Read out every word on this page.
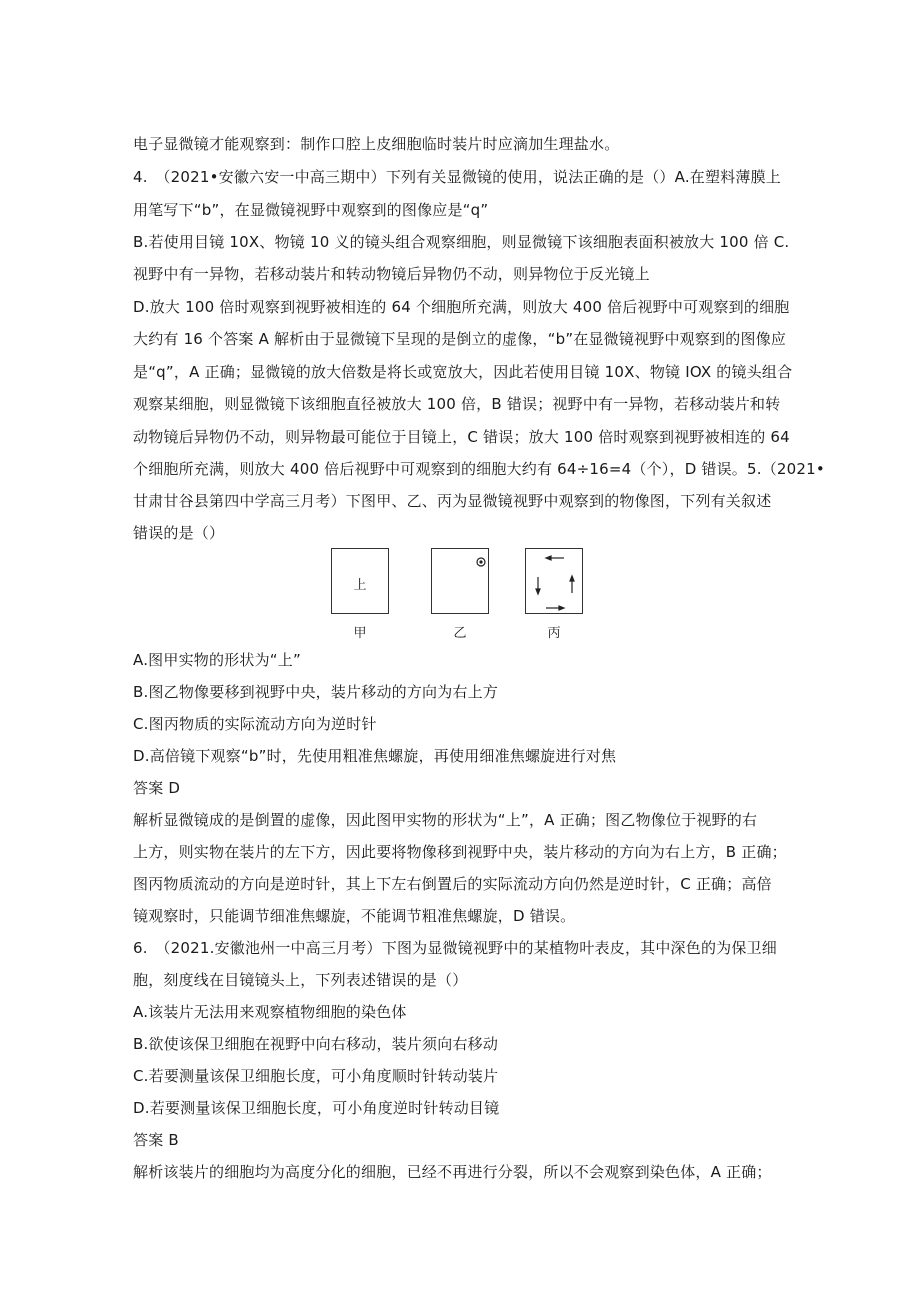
电子显微镜才能观察到：制作口腔上皮细胞临时装片时应滴加生理盐水。
4.　（2021•安徽六安一中高三期中）下列有关显微镜的使用，说法正确的是（）A.在塑料薄膜上
用笔写下“b”，在显微镜视野中观察到的图像应是“q”
B.若使用目镜 10X、物镜 10 义的镜头组合观察细胞，则显微镜下该细胞表面积被放大 100 倍 C.
视野中有一异物，若移动装片和转动物镜后异物仍不动，则异物位于反光镜上
D.放大 100 倍时观察到视野被相连的 64 个细胞所充满，则放大 400 倍后视野中可观察到的细胞
大约有 16 个答案 A 解析由于显微镜下呈现的是倒立的虚像，“b”在显微镜视野中观察到的图像应
是“q”，A 正确；显微镜的放大倍数是将长或宽放大，因此若使用目镜 10X、物镜 IOX 的镜头组合
观察某细胞，则显微镜下该细胞直径被放大 100 倍，B 错误；视野中有一异物，若移动装片和转
动物镜后异物仍不动，则异物最可能位于目镜上，C 错误；放大 100 倍时观察到视野被相连的 64
个细胞所充满，则放大 400 倍后视野中可观察到的细胞大约有 64÷16=4（个），D 错误。5.（2021•
甘肃甘谷县第四中学高三月考）下图甲、乙、丙为显微镜视野中观察到的物像图，下列有关叙述
错误的是（）
上
甲	乙	丙
A.图甲实物的形状为“上”
B.图乙物像要移到视野中央，装片移动的方向为右上方
C.图丙物质的实际流动方向为逆时针
D.高倍镜下观察“b”时，先使用粗准焦螺旋，再使用细准焦螺旋进行对焦
答案 D
解析显微镜成的是倒置的虚像，因此图甲实物的形状为“上”，A 正确；图乙物像位于视野的右
上方，则实物在装片的左下方，因此要将物像移到视野中央，装片移动的方向为右上方，B 正确；
图丙物质流动的方向是逆时针，其上下左右倒置后的实际流动方向仍然是逆时针，C 正确；高倍
镜观察时，只能调节细准焦螺旋，不能调节粗准焦螺旋，D 错误。
6.　（2021.安徽池州一中高三月考）下图为显微镜视野中的某植物叶表皮，其中深色的为保卫细
胞，刻度线在目镜镜头上，下列表述错误的是（）
A.该装片无法用来观察植物细胞的染色体
B.欲使该保卫细胞在视野中向右移动，装片须向右移动
C.若要测量该保卫细胞长度，可小角度顺时针转动装片
D.若要测量该保卫细胞长度，可小角度逆时针转动目镜
答案 B
解析该装片的细胞均为高度分化的细胞，已经不再进行分裂，所以不会观察到染色体，A 正确；
